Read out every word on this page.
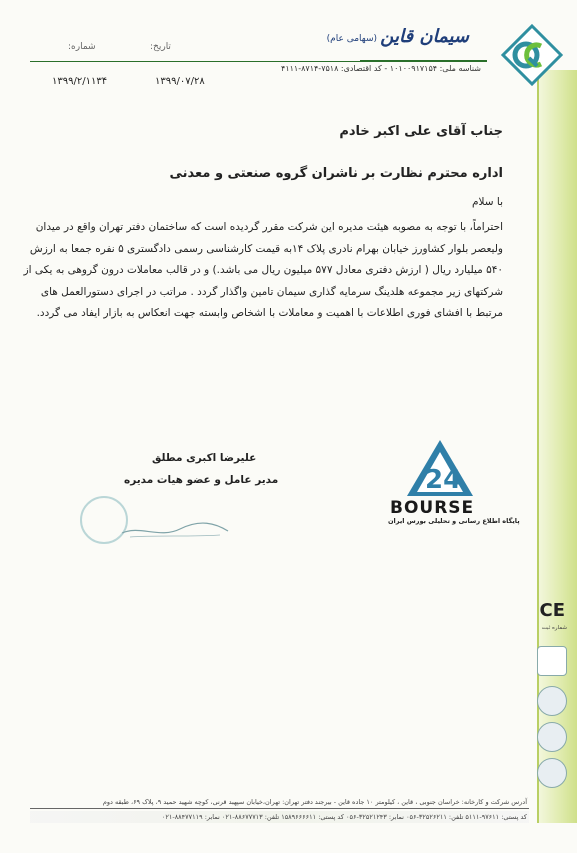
سیمان قاین
(سهامی عام)
شناسه ملی: ۱۰۱۰۰۹۱۷۱۵۴ - کد اقتصادی: ۷۵۱۸-۸۷۱۴-۴۱۱۱
تاریخ:
شماره:
۱۳۹۹/۰۷/۲۸
۱۳۹۹/۲/۱۱۳۴
جناب آقای علی اکبر خادم
اداره محترم نظارت بر ناشران گروه صنعتی و معدنی
با سلام
احتراماً، با توجه به مصوبه هیئت مدیره این شرکت مقرر گردیده است که ساختمان دفتر تهران واقع در میدان ولیعصر بلوار کشاورز خیابان بهرام نادری پلاک ۱۴به قیمت کارشناسی رسمی دادگستری ۵ نفره جمعا به ارزش ۵۴۰ میلیارد ریال ( ارزش دفتری معادل ۵۷۷ میلیون ریال می باشد.) و در قالب معاملات درون گروهی به یکی از شرکتهای زیر مجموعه هلدینگ سرمایه گذاری سیمان تامین واگذار گردد . مراتب در اجرای دستورالعمل های مرتبط با افشای فوری اطلاعات با اهمیت و معاملات با اشخاص وابسته جهت انعکاس به بازار ایفاد می گردد.
علیرضا اکبری مطلق
مدیر عامل و عضو هیات مدیره	24
BOURSE
پایگاه اطلاع رسانی و تحلیلی بورس ایران
CE
شماره ثبت
آدرس شرکت و کارخانه: خراسان جنوبی ، قاین ، کیلومتر ۱۰ جاده قاین - بیرجند دفتر تهران: تهران،خیابان سپهبد قرنی، کوچه شهید حمید ۹، پلاک ۶۹، طبقه دوم
کد پستی: ۹۷۶۱۱-۵۱۱۱ تلفن: ۳۲۵۲۶۲۱۱-۰۵۶ نمابر: ۳۲۵۲۱۲۴۳-۰۵۶ کد پستی: ۱۵۸۹۶۶۶۶۱۱ تلفن: ۸۸۶۷۷۷۱۳-۰۲۱ نمابر: ۸۸۴۷۷۱۱۹-۰۲۱
